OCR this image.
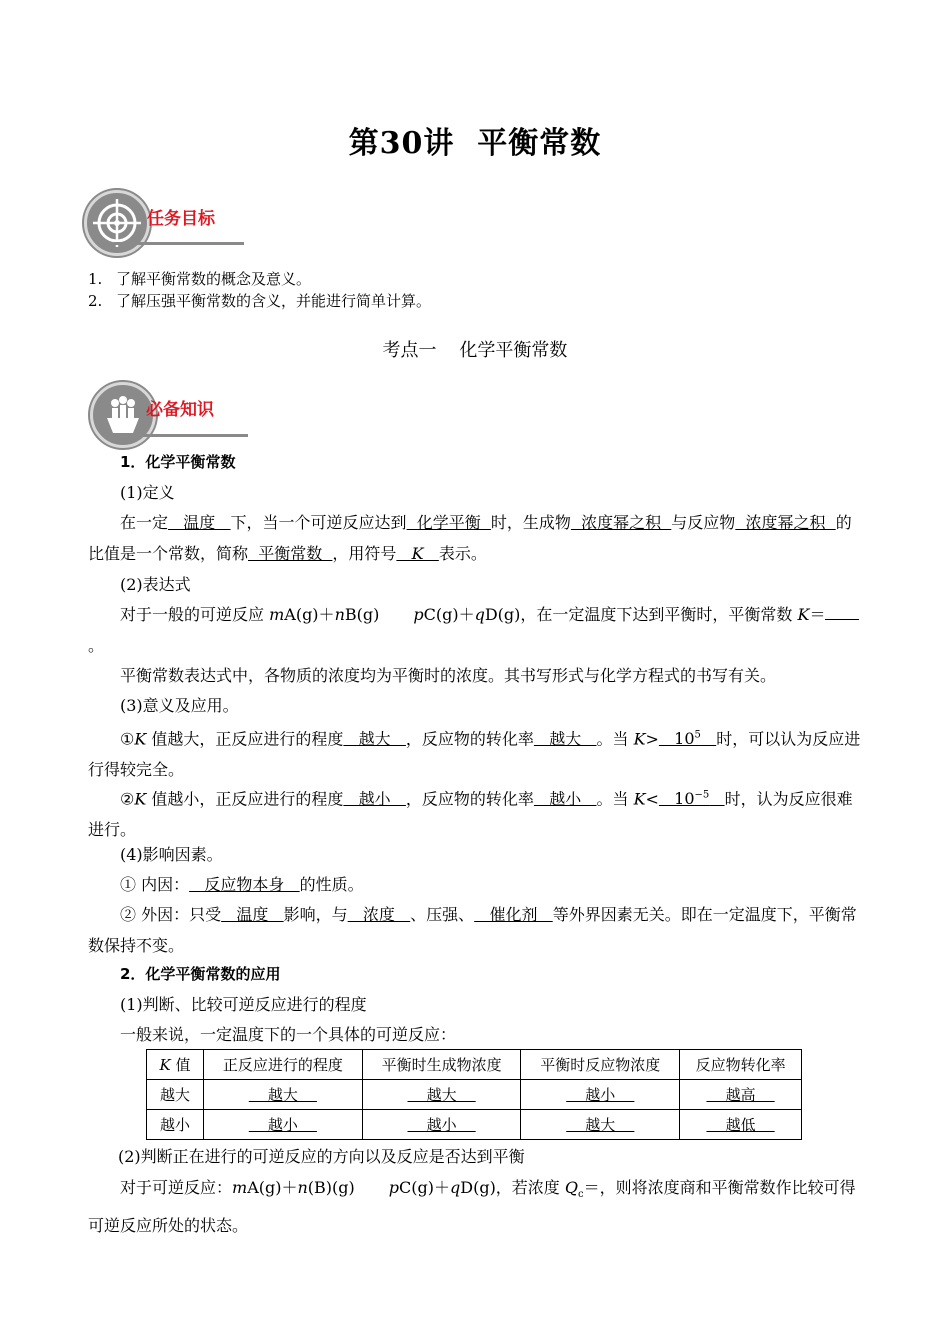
第30讲  平衡常数
任务目标
1. 了解平衡常数的概念及意义。
2. 了解压强平衡常数的含义，并能进行简单计算。
考点一    化学平衡常数
必备知识
1．化学平衡常数
(1)定义
在一定   温度   下，当一个可逆反应达到  化学平衡  时，生成物  浓度幂之积  与反应物  浓度幂之积  的比值是一个常数，简称  平衡常数  ，用符号   K   表示。
(2)表达式
对于一般的可逆反应 mA(g)＋nB(g) pC(g)＋qD(g)，在一定温度下达到平衡时，平衡常数 K＝。
平衡常数表达式中，各物质的浓度均为平衡时的浓度。其书写形式与化学方程式的书写有关。
(3)意义及应用。
①K 值越大，正反应进行的程度   越大   ，反应物的转化率   越大   。当 $K> 10^5$ 时，可以认为反应进行得较完全。
②K 值越小，正反应进行的程度   越小   ，反应物的转化率   越小   。当 $K< 10^{-5}$ 时，认为反应很难进行。
(4)影响因素。
① 内因：   反应物本身   的性质。
② 外因：只受   温度   影响，与   浓度   、压强、   催化剂   等外界因素无关。即在一定温度下，平衡常数保持不变。
2．化学平衡常数的应用
(1)判断、比较可逆反应进行的程度
一般来说，一定温度下的一个具体的可逆反应：
K 值	正反应进行的程度	平衡时生成物浓度	平衡时反应物浓度	反应物转化率
越大	越大	越大	越小	越高
越小	越小	越小	越大	越低
(2)判断正在进行的可逆反应的方向以及反应是否达到平衡
对于可逆反应：mA(g)＋n(B)(g) pC(g)＋qD(g)，若浓度 $Q_c=$，则将浓度商和平衡常数作比较可得可逆反应所处的状态。
